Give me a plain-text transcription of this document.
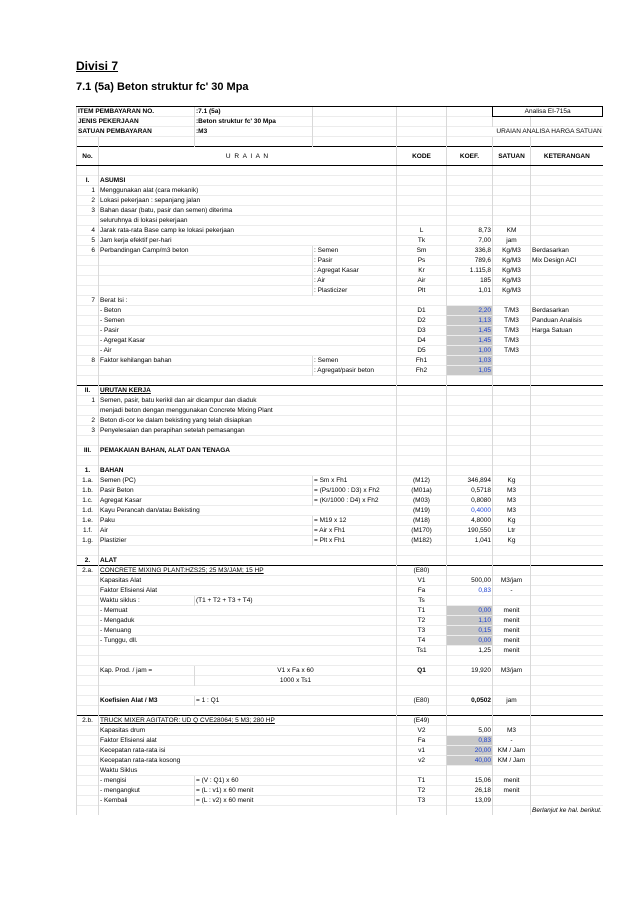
Divisi 7
7.1 (5a) Beton struktur fc' 30 Mpa
ITEM PEMBAYARAN NO.		:7.1 (5a)				Analisa EI-715a	
JENIS PEKERJAAN		:Beton struktur fc' 30 Mpa					
SATUAN PEMBAYARAN		:M3			URAIAN ANALISA HARGA SATUAN		

No.	U R A I A N			KODE	KOEF.	SATUAN	KETERANGAN

I.	ASUMSI						
1	Menggunakan alat (cara mekanik)						
2	Lokasi pekerjaan : sepanjang jalan						
3	Bahan dasar (batu, pasir dan semen) diterima						
	seluruhnya di lokasi pekerjaan						
4	Jarak rata-rata Base camp ke lokasi pekerjaan			L	8,73	KM	
5	Jam kerja efektif per-hari			Tk	7,00	jam	
6	Perbandingan Camp/m3 beton		: Semen	Sm	336,8	Kg/M3	Berdasarkan
			: Pasir	Ps	789,6	Kg/M3	Mix Design ACI
			: Agregat Kasar	Kr	1.115,8	Kg/M3	
			: Air	Air	185	Kg/M3	
			: Plasticizer	Plt	1,01	Kg/M3	
7	Berat Isi :						
	- Beton			D1	2,20	T/M3	Berdasarkan
	- Semen			D2	1,13	T/M3	Panduan Analisis
	- Pasir			D3	1,45	T/M3	Harga Satuan
	- Agregat Kasar			D4	1,45	T/M3	
	- Air			D5	1,00	T/M3	
8	Faktor kehilangan bahan		: Semen	Fh1	1,03		
			: Agregat/pasir beton	Fh2	1,05		

II.	URUTAN KERJA						
1	Semen, pasir, batu kerikil dan air dicampur dan diaduk						
	menjadi beton dengan menggunakan Concrete Mixing Plant						
2	Beton di-cor ke dalam bekisting yang telah disiapkan						
3	Penyelesaian dan perapihan setelah pemasangan						

III.	PEMAKAIAN BAHAN, ALAT DAN TENAGA						

1.	BAHAN						
1.a.	Semen (PC)		= Sm x Fh1	(M12)	346,894	Kg	
1.b.	Pasir Beton		= (Ps/1000 : D3) x Fh2	(M01a)	0,5718	M3	
1.c.	Agregat Kasar		= (Kr/1000 : D4) x Fh2	(M03)	0,8080	M3	
1.d.	Kayu Perancah dan/atau Bekisting			(M19)	0,4000	M3	
1.e.	Paku		= M19 x 12	(M18)	4,8000	Kg	
1.f.	Air		= Air x Fh1	(M170)	190,550	Ltr	
1.g.	Plastizier		= Plt x Fh1	(M182)	1,041	Kg	

2.	ALAT						
2.a.	CONCRETE MIXING PLANT:HZS25; 25 M3/JAM; 15 HP			(E80)			
	Kapasitas Alat			V1	500,00	M3/jam	
	Faktor Efisiensi Alat			Fa	0,83	-	
	Waktu siklus :	(T1 + T2 + T3 + T4)		Ts			
	- Memuat			T1	0,00	menit	
	- Mengaduk			T2	1,10	menit	
	- Menuang			T3	0,15	menit	
	- Tunggu, dll.			T4	0,00	menit	
				Ts1	1,25	menit	

	Kap. Prod. / jam =	V1 x Fa x 60		Q1	19,920	M3/jam	
		1000 x Ts1					

	Koefisien Alat / M3	= 1 : Q1		(E80)	0,0502	jam	

2.b.	TRUCK MIXER AGITATOR: UD Q CVE28064; 5 M3; 280 HP			(E49)			
	Kapasitas drum			V2	5,00	M3	
	Faktor Efisiensi alat			Fa	0,83	-	
	Kecepatan rata-rata isi			v1	20,00	KM / Jam	
	Kecepatan rata-rata kosong			v2	40,00	KM / Jam	
	Waktu Siklus						
	- mengisi	= (V : Q1) x 60		T1	15,06	menit	
	- mengangkut	= (L : v1) x 60 menit		T2	26,18	menit	
	- Kembali	= (L : v2) x 60 menit		T3	13,09		
							Berlanjut ke hal. berikut.
